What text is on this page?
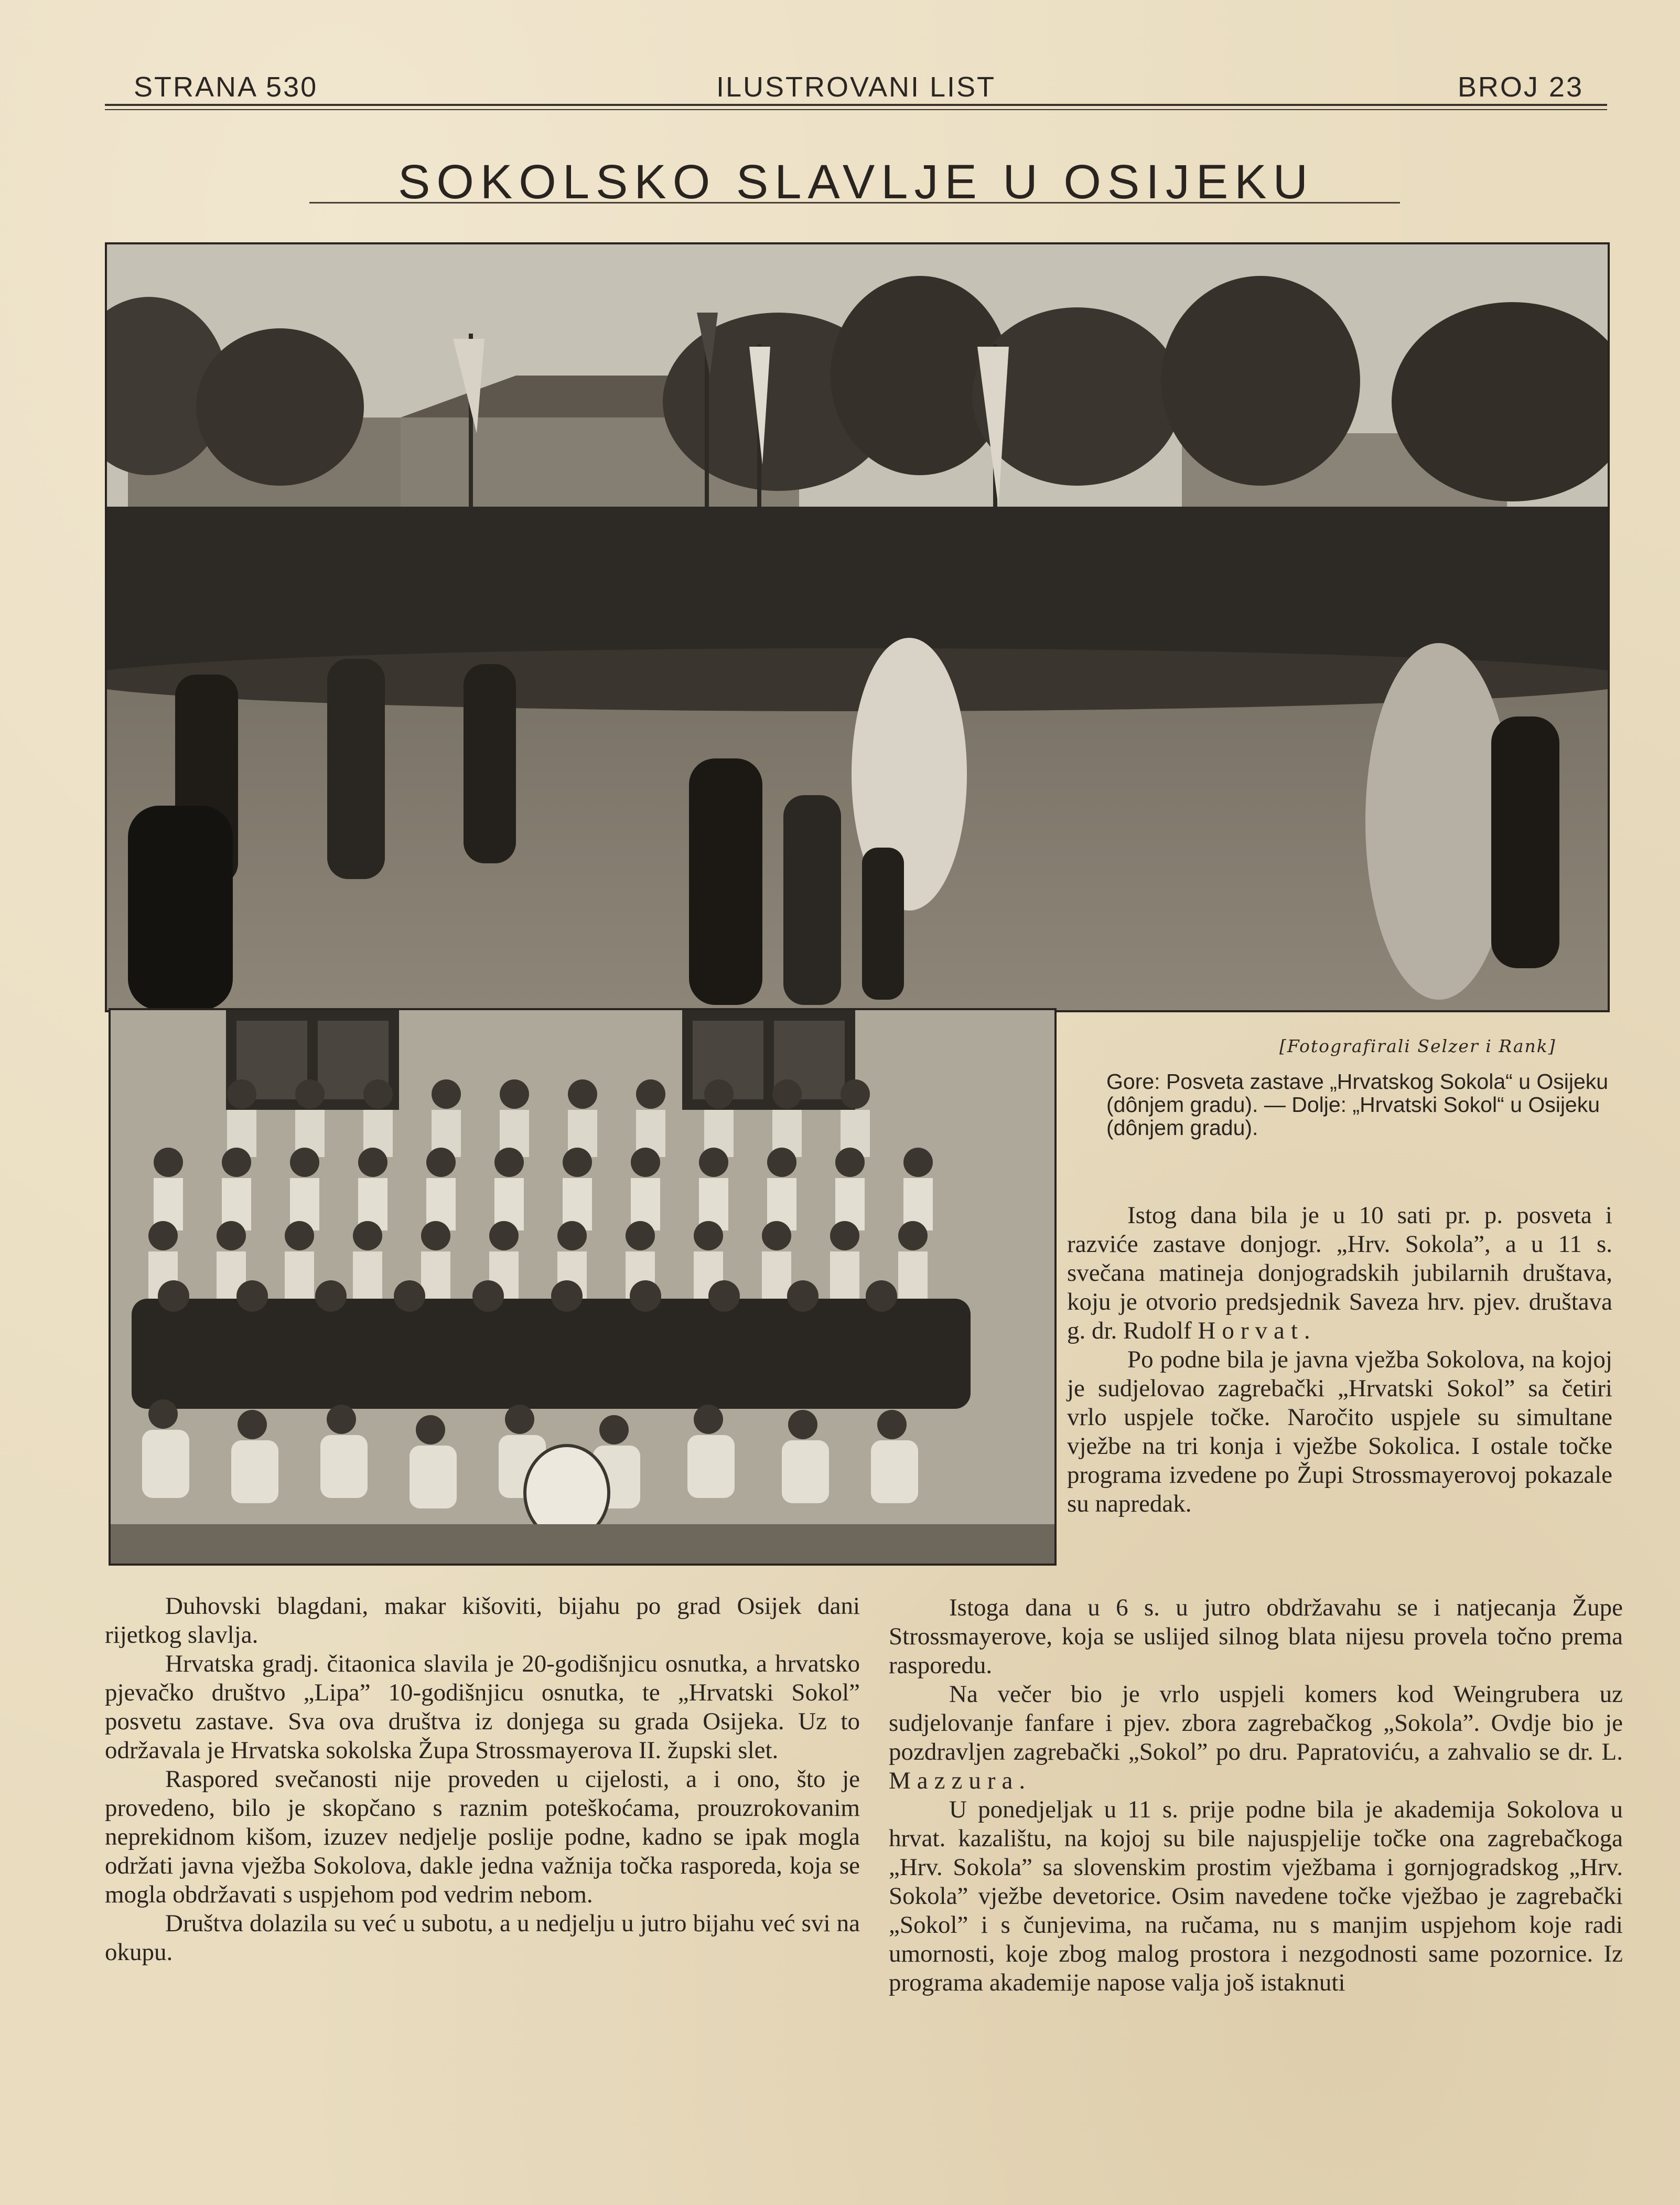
STRANA 530	ILUSTROVANI LIST	BROJ 23
SOKOLSKO SLAVLJE U OSIJEKU
[Fotografirali Selzer i Rank]
Gore: Posveta zastave „Hrvatskog Sokola“ u Osijeku (dônjem gradu). — Dolje: „Hrvatski Sokol“ u Osijeku (dônjem gradu).

Istog dana bila je u 10 sati pr. p. posveta i razviće zastave donjogr. „Hrv. Sokola”, a u 11 s. svečana matineja donjogradskih jubilarnih društava, koju je otvorio predsjednik Saveza hrv. pjev. društava g. dr. Rudolf Horvat.

Po podne bila je javna vježba Sokolova, na kojoj je sudjelovao zagrebački „Hrvatski Sokol” sa četiri vrlo uspjele točke. Naročito uspjele su simultane vježbe na tri konja i vježbe Sokolica. I ostale točke programa izvedene po Župi Strossmayerovoj pokazale su napredak.

Duhovski blagdani, makar kišoviti, bijahu po grad Osijek dani rijetkog slavlja.

Hrvatska gradj. čitaonica slavila je 20-godišnjicu osnutka, a hrvatsko pjevačko društvo „Lipa” 10-godišnjicu osnutka, te „Hrvatski Sokol” posvetu zastave. Sva ova društva iz donjega su grada Osijeka. Uz to održavala je Hrvatska sokolska Župa Strossmayerova II. župski slet.

Raspored svečanosti nije proveden u cijelosti, a i ono, što je provedeno, bilo je skopčano s raznim poteškoćama, prouzrokovanim neprekidnom kišom, izuzev nedjelje poslije podne, kadno se ipak mogla održati javna vježba Sokolova, dakle jedna važnija točka rasporeda, koja se mogla obdržavati s uspjehom pod vedrim nebom.

Društva dolazila su već u subotu, a u nedjelju u jutro bijahu već svi na okupu.

Istoga dana u 6 s. u jutro obdržavahu se i natjecanja Župe Strossmayerove, koja se uslijed silnog blata nijesu provela točno prema rasporedu.

Na večer bio je vrlo uspjeli komers kod Weingrubera uz sudjelovanje fanfare i pjev. zbora zagrebačkog „Sokola”. Ovdje bio je pozdravljen zagrebački „Sokol” po dru. Papratoviću, a zahvalio se dr. L. Mazzura.

U ponedjeljak u 11 s. prije podne bila je akademija Sokolova u hrvat. kazalištu, na kojoj su bile najuspjelije točke ona zagrebačkoga „Hrv. Sokola” sa slovenskim prostim vježbama i gornjogradskog „Hrv. Sokola” vježbe devetorice. Osim navedene točke vježbao je zagrebački „Sokol” i s čunjevima, na ručama, nu s manjim uspjehom koje radi umornosti, koje zbog malog prostora i nezgodnosti same pozornice. Iz programa akademije napose valja još istaknuti
